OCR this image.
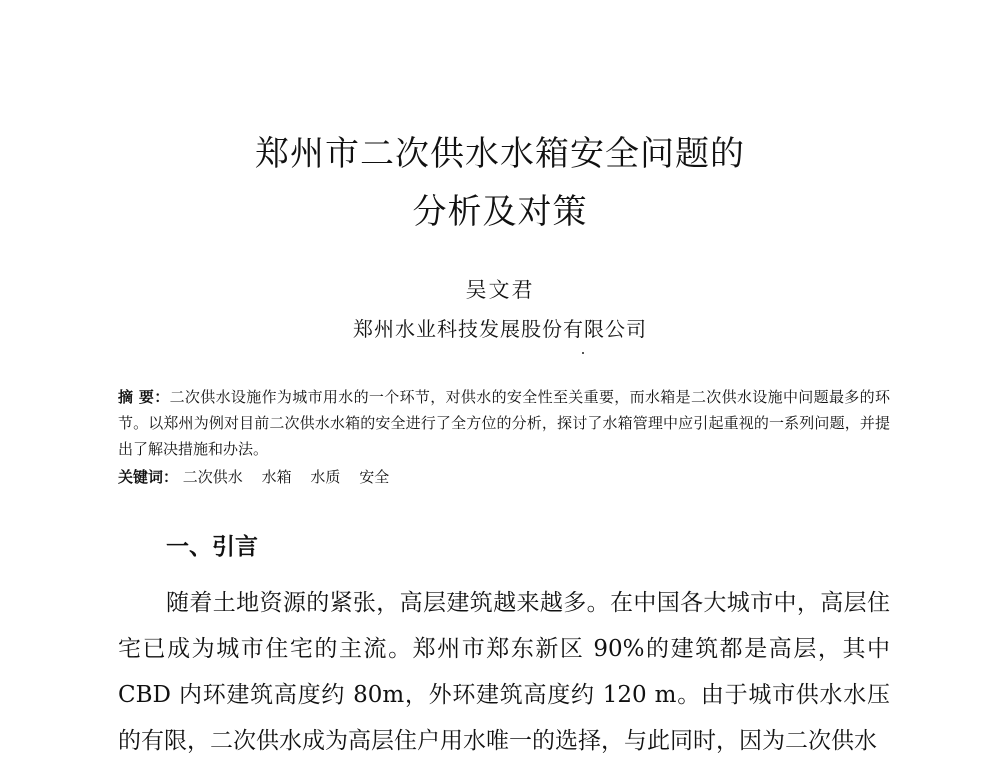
郑州市二次供水水箱安全问题的
分析及对策
吴文君
郑州水业科技发展股份有限公司
摘 要：二次供水设施作为城市用水的一个环节，对供水的安全性至关重要，而水箱是二次供水设施中问题最多的环节。以郑州为例对目前二次供水水箱的安全进行了全方位的分析，探讨了水箱管理中应引起重视的一系列问题，并提出了解决措施和办法。
关键词： 二次供水 水箱 水质 安全
一、引言
随着土地资源的紧张，高层建筑越来越多。在中国各大城市中，高层住宅已成为城市住宅的主流。郑州市郑东新区 90%的建筑都是高层，其中CBD 内环建筑高度约 80m，外环建筑高度约 120 m。由于城市供水水压的有限，二次供水成为高层住户用水唯一的选择，与此同时，因为二次供水
